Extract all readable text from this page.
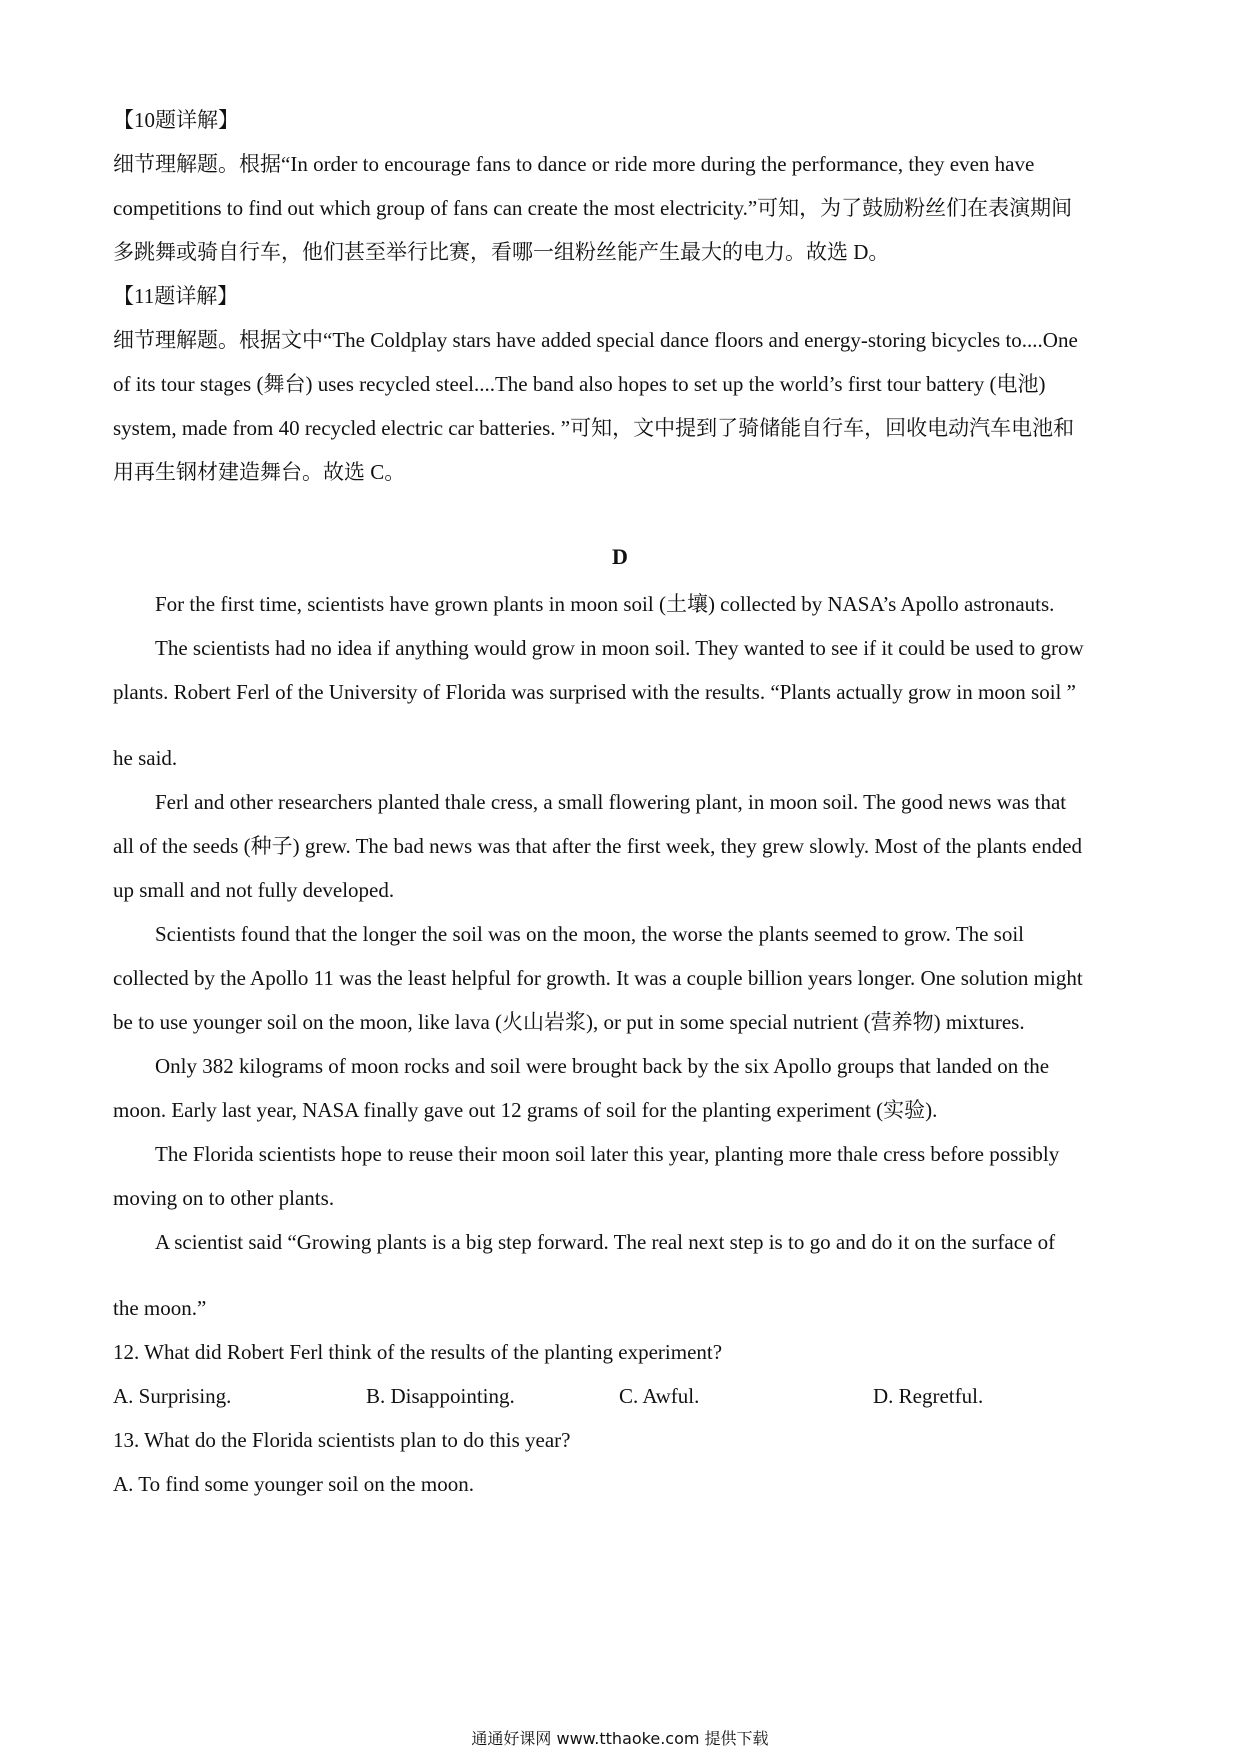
【10题详解】
细节理解题。根据“In order to encourage fans to dance or ride more during the performance, they even have
competitions to find out which group of fans can create the most electricity.”可知，为了鼓励粉丝们在表演期间
多跳舞或骑自行车，他们甚至举行比赛，看哪一组粉丝能产生最大的电力。故选 D。
【11题详解】
细节理解题。根据文中“The Coldplay stars have added special dance floors and energy-storing bicycles to....One
of its tour stages (舞台) uses recycled steel....The band also hopes to set up the world’s first tour battery (电池)
system, made from 40 recycled electric car batteries. ”可知，文中提到了骑储能自行车，回收电动汽车电池和
用再生钢材建造舞台。故选 C。
D
For the first time, scientists have grown plants in moon soil (土壤) collected by NASA’s Apollo astronauts.
The scientists had no idea if anything would grow in moon soil. They wanted to see if it could be used to grow
plants. Robert Ferl of the University of Florida was surprised with the results. “Plants actually grow in moon soil ”
he said.
Ferl and other researchers planted thale cress, a small flowering plant, in moon soil. The good news was that
all of the seeds (种子) grew. The bad news was that after the first week, they grew slowly. Most of the plants ended
up small and not fully developed.
Scientists found that the longer the soil was on the moon, the worse the plants seemed to grow. The soil
collected by the Apollo 11 was the least helpful for growth. It was a couple billion years longer. One solution might
be to use younger soil on the moon, like lava (火山岩浆), or put in some special nutrient (营养物) mixtures.
Only 382 kilograms of moon rocks and soil were brought back by the six Apollo groups that landed on the
moon. Early last year, NASA finally gave out 12 grams of soil for the planting experiment (实验).
The Florida scientists hope to reuse their moon soil later this year, planting more thale cress before possibly
moving on to other plants.
A scientist said “Growing plants is a big step forward. The real next step is to go and do it on the surface of
the moon.”
12. What did Robert Ferl think of the results of the planting experiment?
A. Surprising.	B. Disappointing.	C. Awful.	D. Regretful.
13. What do the Florida scientists plan to do this year?
A. To find some younger soil on the moon.
通通好课网 www.tthaoke.com 提供下载
